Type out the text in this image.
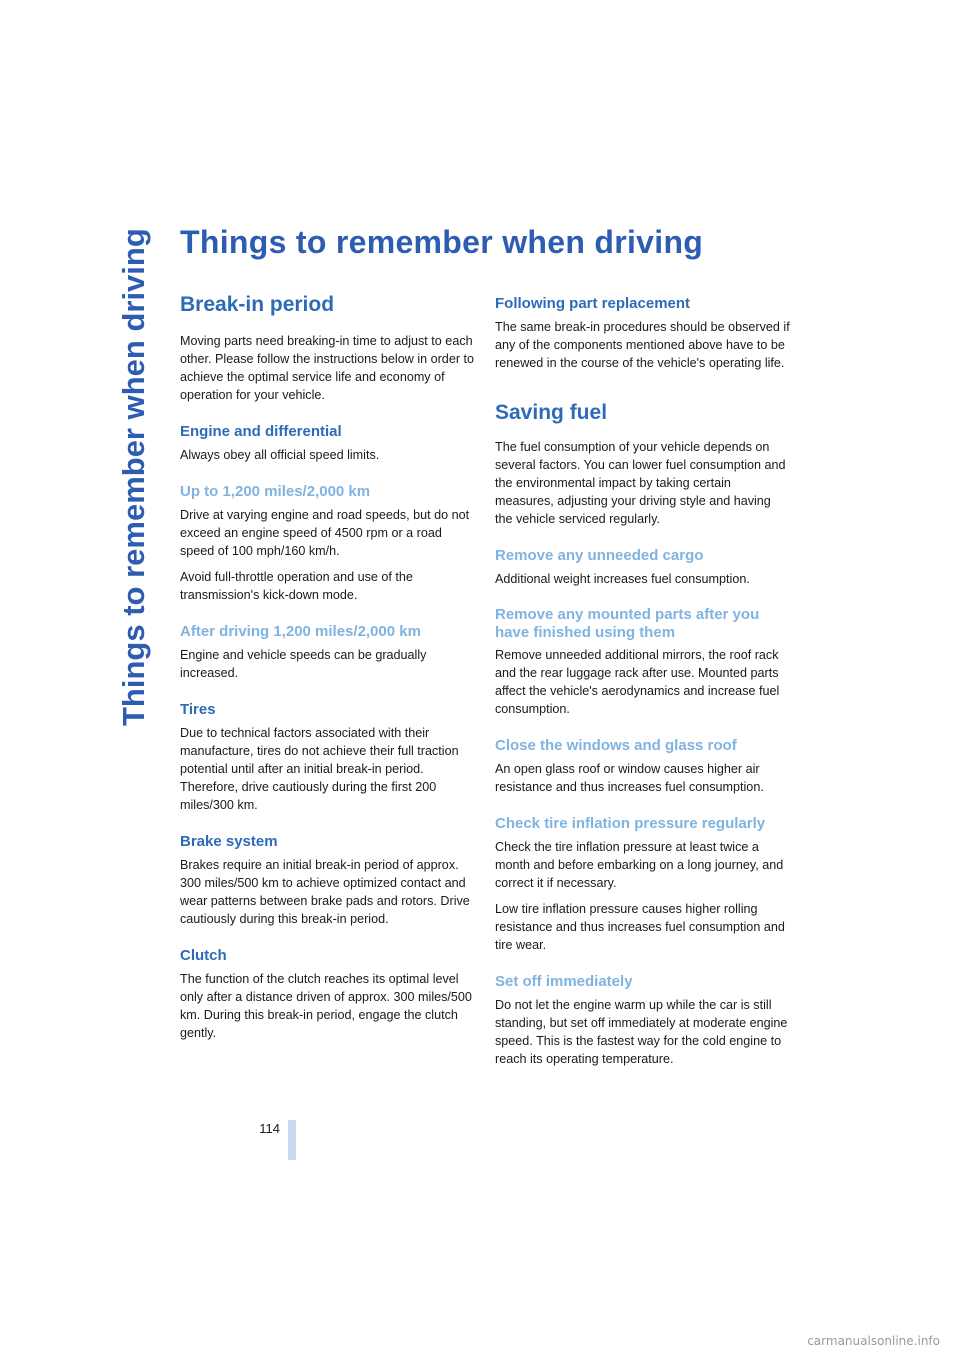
Things to remember when driving Things to remember when driving
Break-in period

Moving parts need breaking-in time to adjust to each other. Please follow the instructions below in order to achieve the optimal service life and economy of operation for your vehicle.

Engine and differential

Always obey all official speed limits.

Up to 1,200 miles/2,000 km

Drive at varying engine and road speeds, but do not exceed an engine speed of 4500 rpm or a road speed of 100 mph/160 km/h.

Avoid full-throttle operation and use of the transmission's kick-down mode.

After driving 1,200 miles/2,000 km

Engine and vehicle speeds can be gradually increased.

Tires

Due to technical factors associated with their manufacture, tires do not achieve their full traction potential until after an initial break-in period. Therefore, drive cautiously during the first 200 miles/300 km.

Brake system

Brakes require an initial break-in period of approx. 300 miles/500 km to achieve optimized contact and wear patterns between brake pads and rotors. Drive cautiously during this break-in period.

Clutch

The function of the clutch reaches its optimal level only after a distance driven of approx. 300 miles/500 km. During this break-in period, engage the clutch gently.

Following part replacement

The same break-in procedures should be observed if any of the components mentioned above have to be renewed in the course of the vehicle's operating life.

Saving fuel

The fuel consumption of your vehicle depends on several factors. You can lower fuel consumption and the environmental impact by taking certain measures, adjusting your driving style and having the vehicle serviced regularly.

Remove any unneeded cargo

Additional weight increases fuel consumption.

Remove any mounted parts after you have finished using them

Remove unneeded additional mirrors, the roof rack and the rear luggage rack after use. Mounted parts affect the vehicle's aerodynamics and increase fuel consumption.

Close the windows and glass roof

An open glass roof or window causes higher air resistance and thus increases fuel consumption.

Check tire inflation pressure regularly

Check the tire inflation pressure at least twice a month and before embarking on a long journey, and correct it if necessary.

Low tire inflation pressure causes higher rolling resistance and thus increases fuel consumption and tire wear.

Set off immediately

Do not let the engine warm up while the car is still standing, but set off immediately at moderate engine speed. This is the fastest way for the cold engine to reach its operating temperature.

114
carmanualsonline.info
